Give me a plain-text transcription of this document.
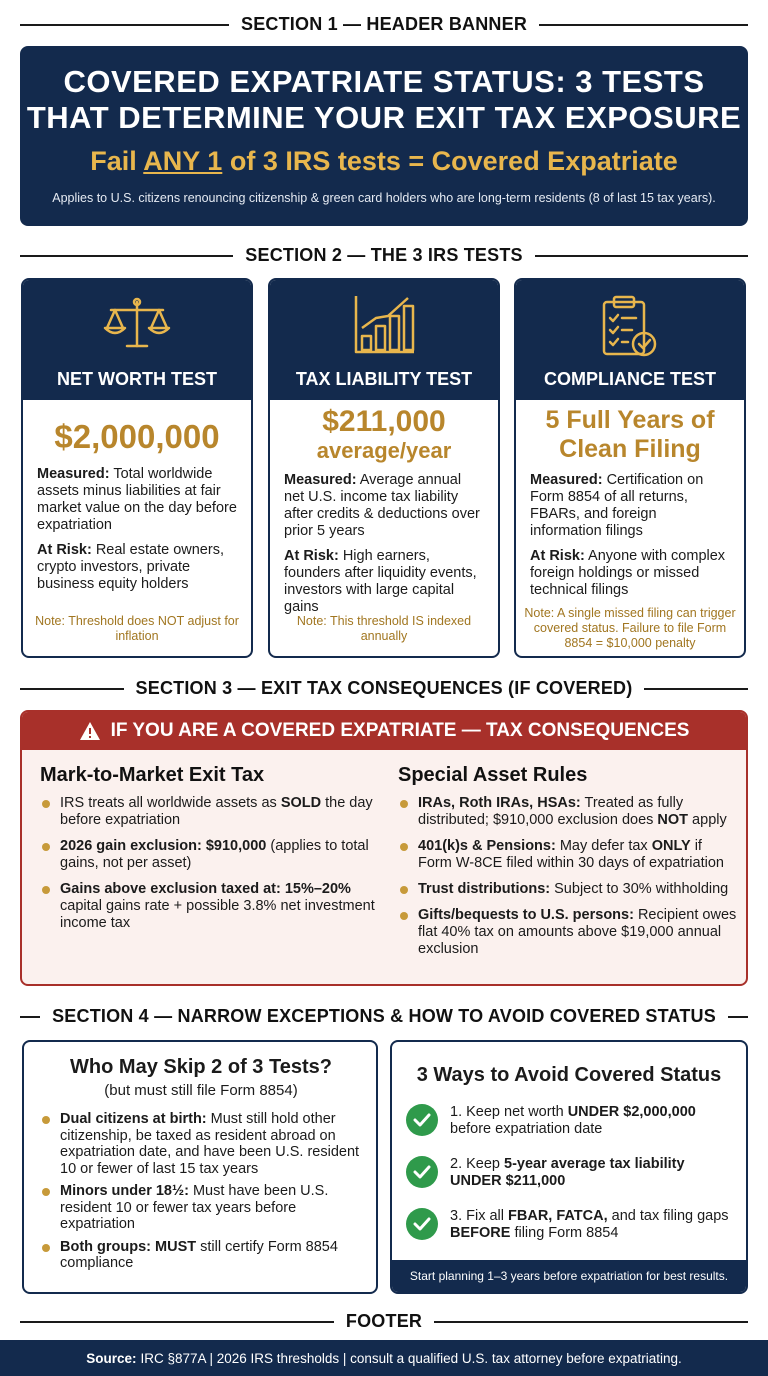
SECTION 1 — HEADER BANNER
COVERED EXPATRIATE STATUS: 3 TESTS
THAT DETERMINE YOUR EXIT TAX EXPOSURE
Fail ANY 1 of 3 IRS tests = Covered Expatriate
Applies to U.S. citizens renouncing citizenship & green card holders who are long-term residents (8 of last 15 tax years).
SECTION 2 — THE 3 IRS TESTS
NET WORTH TEST
$2,000,000

Measured: Total worldwide assets minus liabilities at fair market value on the day before expatriation

At Risk: Real estate owners, crypto investors, private business equity holders

Note: Threshold does NOT adjust for inflation
TAX LIABILITY TEST
$211,000
average/year

Measured: Average annual net U.S. income tax liability after credits & deductions over prior 5 years

At Risk: High earners, founders after liquidity events, investors with large capital gains

Note: This threshold IS indexed annually
COMPLIANCE TEST
5 Full Years of
Clean Filing

Measured: Certification on Form 8854 of all returns, FBARs, and foreign information filings

At Risk: Anyone with complex foreign holdings or missed technical filings

Note: A single missed filing can trigger covered status. Failure to file Form 8854 = $10,000 penalty
SECTION 3 — EXIT TAX CONSEQUENCES (IF COVERED)
IF YOU ARE A COVERED EXPATRIATE — TAX CONSEQUENCES
Mark-to-Market Exit Tax
IRS treats all worldwide assets as SOLD the day before expatriation
2026 gain exclusion: $910,000 (applies to total gains, not per asset)
Gains above exclusion taxed at: 15%–20% capital gains rate + possible 3.8% net investment income tax
Special Asset Rules
IRAs, Roth IRAs, HSAs: Treated as fully distributed; $910,000 exclusion does NOT apply
401(k)s & Pensions: May defer tax ONLY if Form W-8CE filed within 30 days of expatriation
Trust distributions: Subject to 30% withholding
Gifts/bequests to U.S. persons: Recipient owes flat 40% tax on amounts above $19,000 annual exclusion
SECTION 4 — NARROW EXCEPTIONS & HOW TO AVOID COVERED STATUS
Who May Skip 2 of 3 Tests?
(but must still file Form 8854)
Dual citizens at birth: Must still hold other citizenship, be taxed as resident abroad on expatriation date, and have been U.S. resident 10 or fewer of last 15 tax years
Minors under 18½: Must have been U.S. resident 10 or fewer tax years before expatriation
Both groups: MUST still certify Form 8854 compliance
3 Ways to Avoid Covered Status
1. Keep net worth UNDER $2,000,000 before expatriation date
2. Keep 5-year average tax liability UNDER $211,000
3. Fix all FBAR, FATCA, and tax filing gaps BEFORE filing Form 8854
Start planning 1–3 years before expatriation for best results.
FOOTER
Source: IRC §877A | 2026 IRS thresholds | consult a qualified U.S. tax attorney before expatriating.
